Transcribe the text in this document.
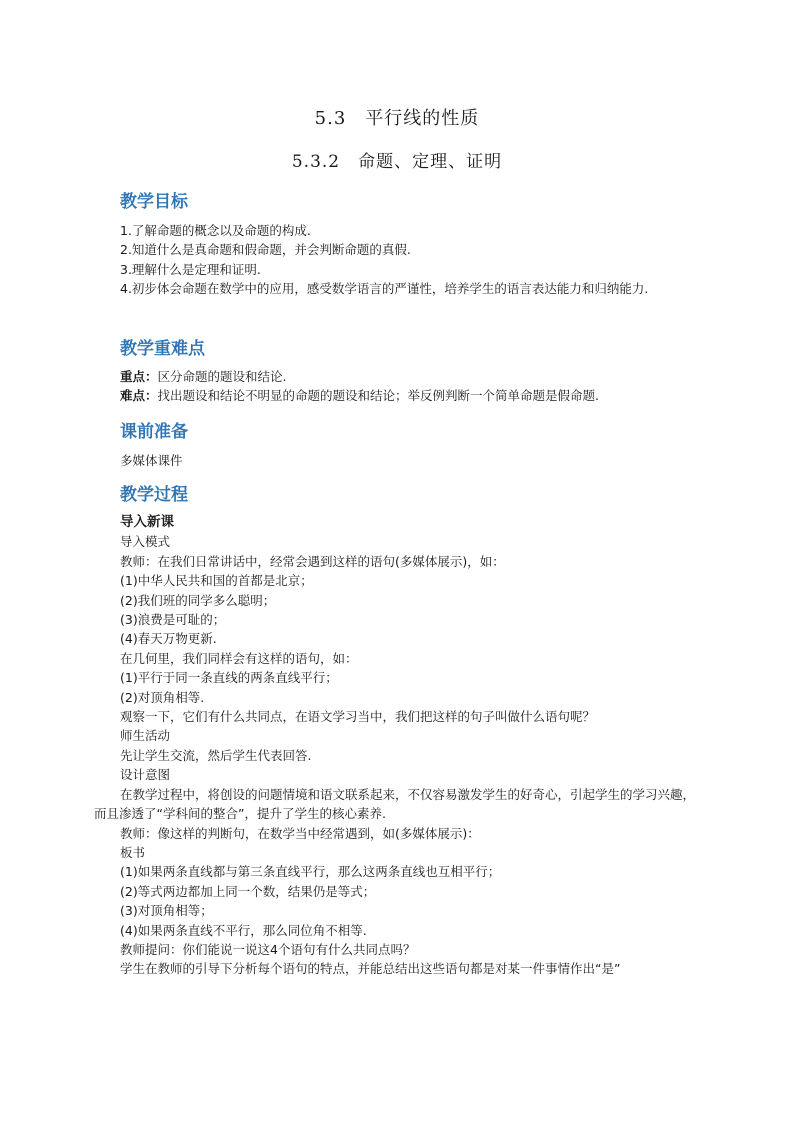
5.3　平行线的性质
5.3.2　命题、定理、证明
教学目标

1.了解命题的概念以及命题的构成.

2.知道什么是真命题和假命题，并会判断命题的真假.

3.理解什么是定理和证明.

4.初步体会命题在数学中的应用，感受数学语言的严谨性，培养学生的语言表达能力和归纳能力.

教学重难点

重点：区分命题的题设和结论.

难点：找出题设和结论不明显的命题的题设和结论；举反例判断一个简单命题是假命题.

课前准备

多媒体课件

教学过程

导入新课

导入模式

教师：在我们日常讲话中，经常会遇到这样的语句(多媒体展示)，如：

(1)中华人民共和国的首都是北京；

(2)我们班的同学多么聪明；

(3)浪费是可耻的；

(4)春天万物更新.

在几何里，我们同样会有这样的语句，如：

(1)平行于同一条直线的两条直线平行；

(2)对顶角相等.

观察一下，它们有什么共同点，在语文学习当中，我们把这样的句子叫做什么语句呢？

师生活动

先让学生交流，然后学生代表回答.

设计意图

在教学过程中，将创设的问题情境和语文联系起来，不仅容易激发学生的好奇心，引起学生的学习兴趣，而且渗透了“学科间的整合”，提升了学生的核心素养.

教师：像这样的判断句，在数学当中经常遇到，如(多媒体展示)：

板书

(1)如果两条直线都与第三条直线平行，那么这两条直线也互相平行；

(2)等式两边都加上同一个数，结果仍是等式；

(3)对顶角相等；

(4)如果两条直线不平行，那么同位角不相等.

教师提问：你们能说一说这4个语句有什么共同点吗？

学生在教师的引导下分析每个语句的特点，并能总结出这些语句都是对某一件事情作出“是”
